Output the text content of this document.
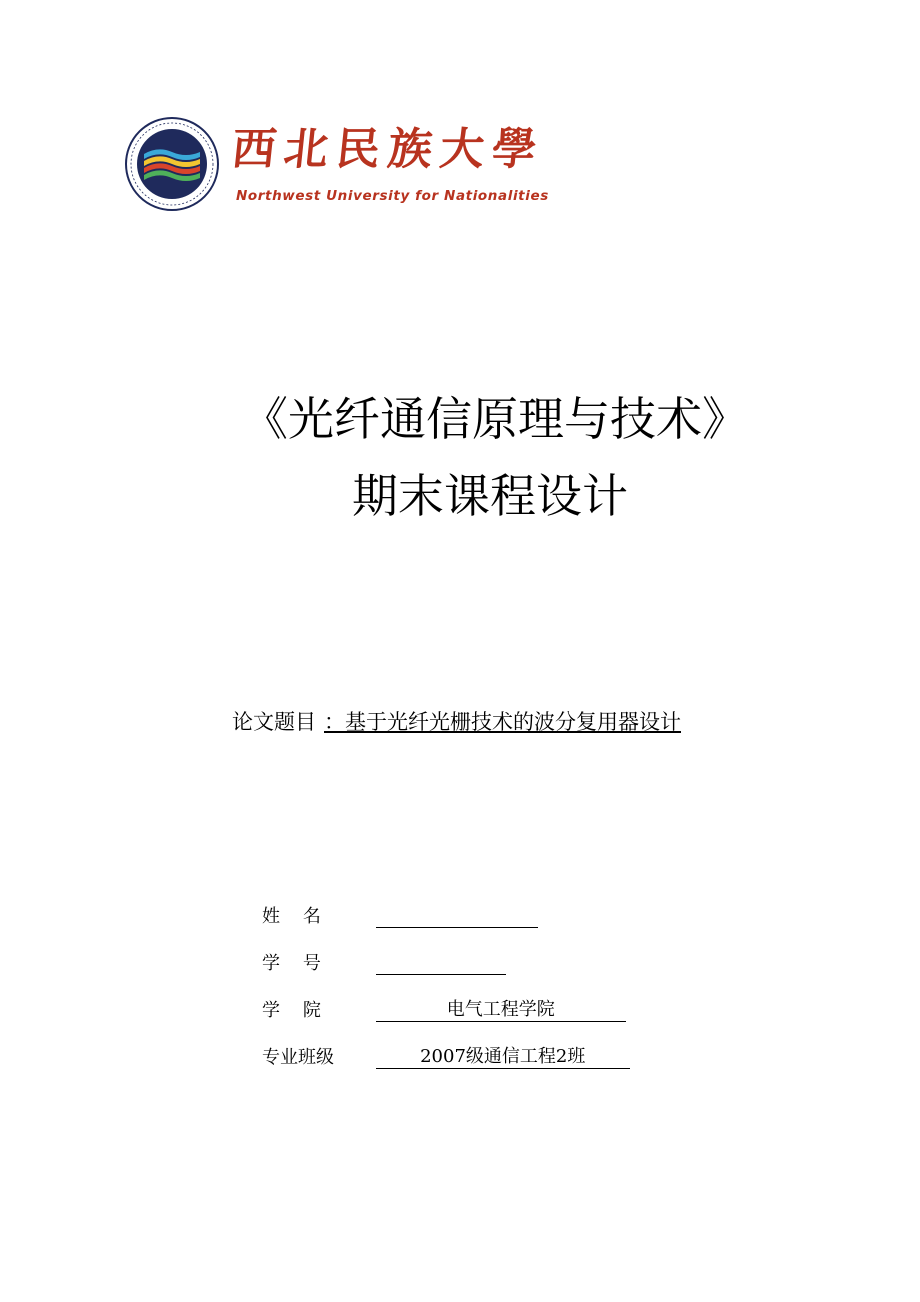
西北民族大學
Northwest University for Nationalities
《光纤通信原理与技术》
期末课程设计
论文题目 ：基于光纤光栅技术的波分复用器设计
姓    名
学    号
学    院	电气工程学院
专业班级	2007级通信工程2班
